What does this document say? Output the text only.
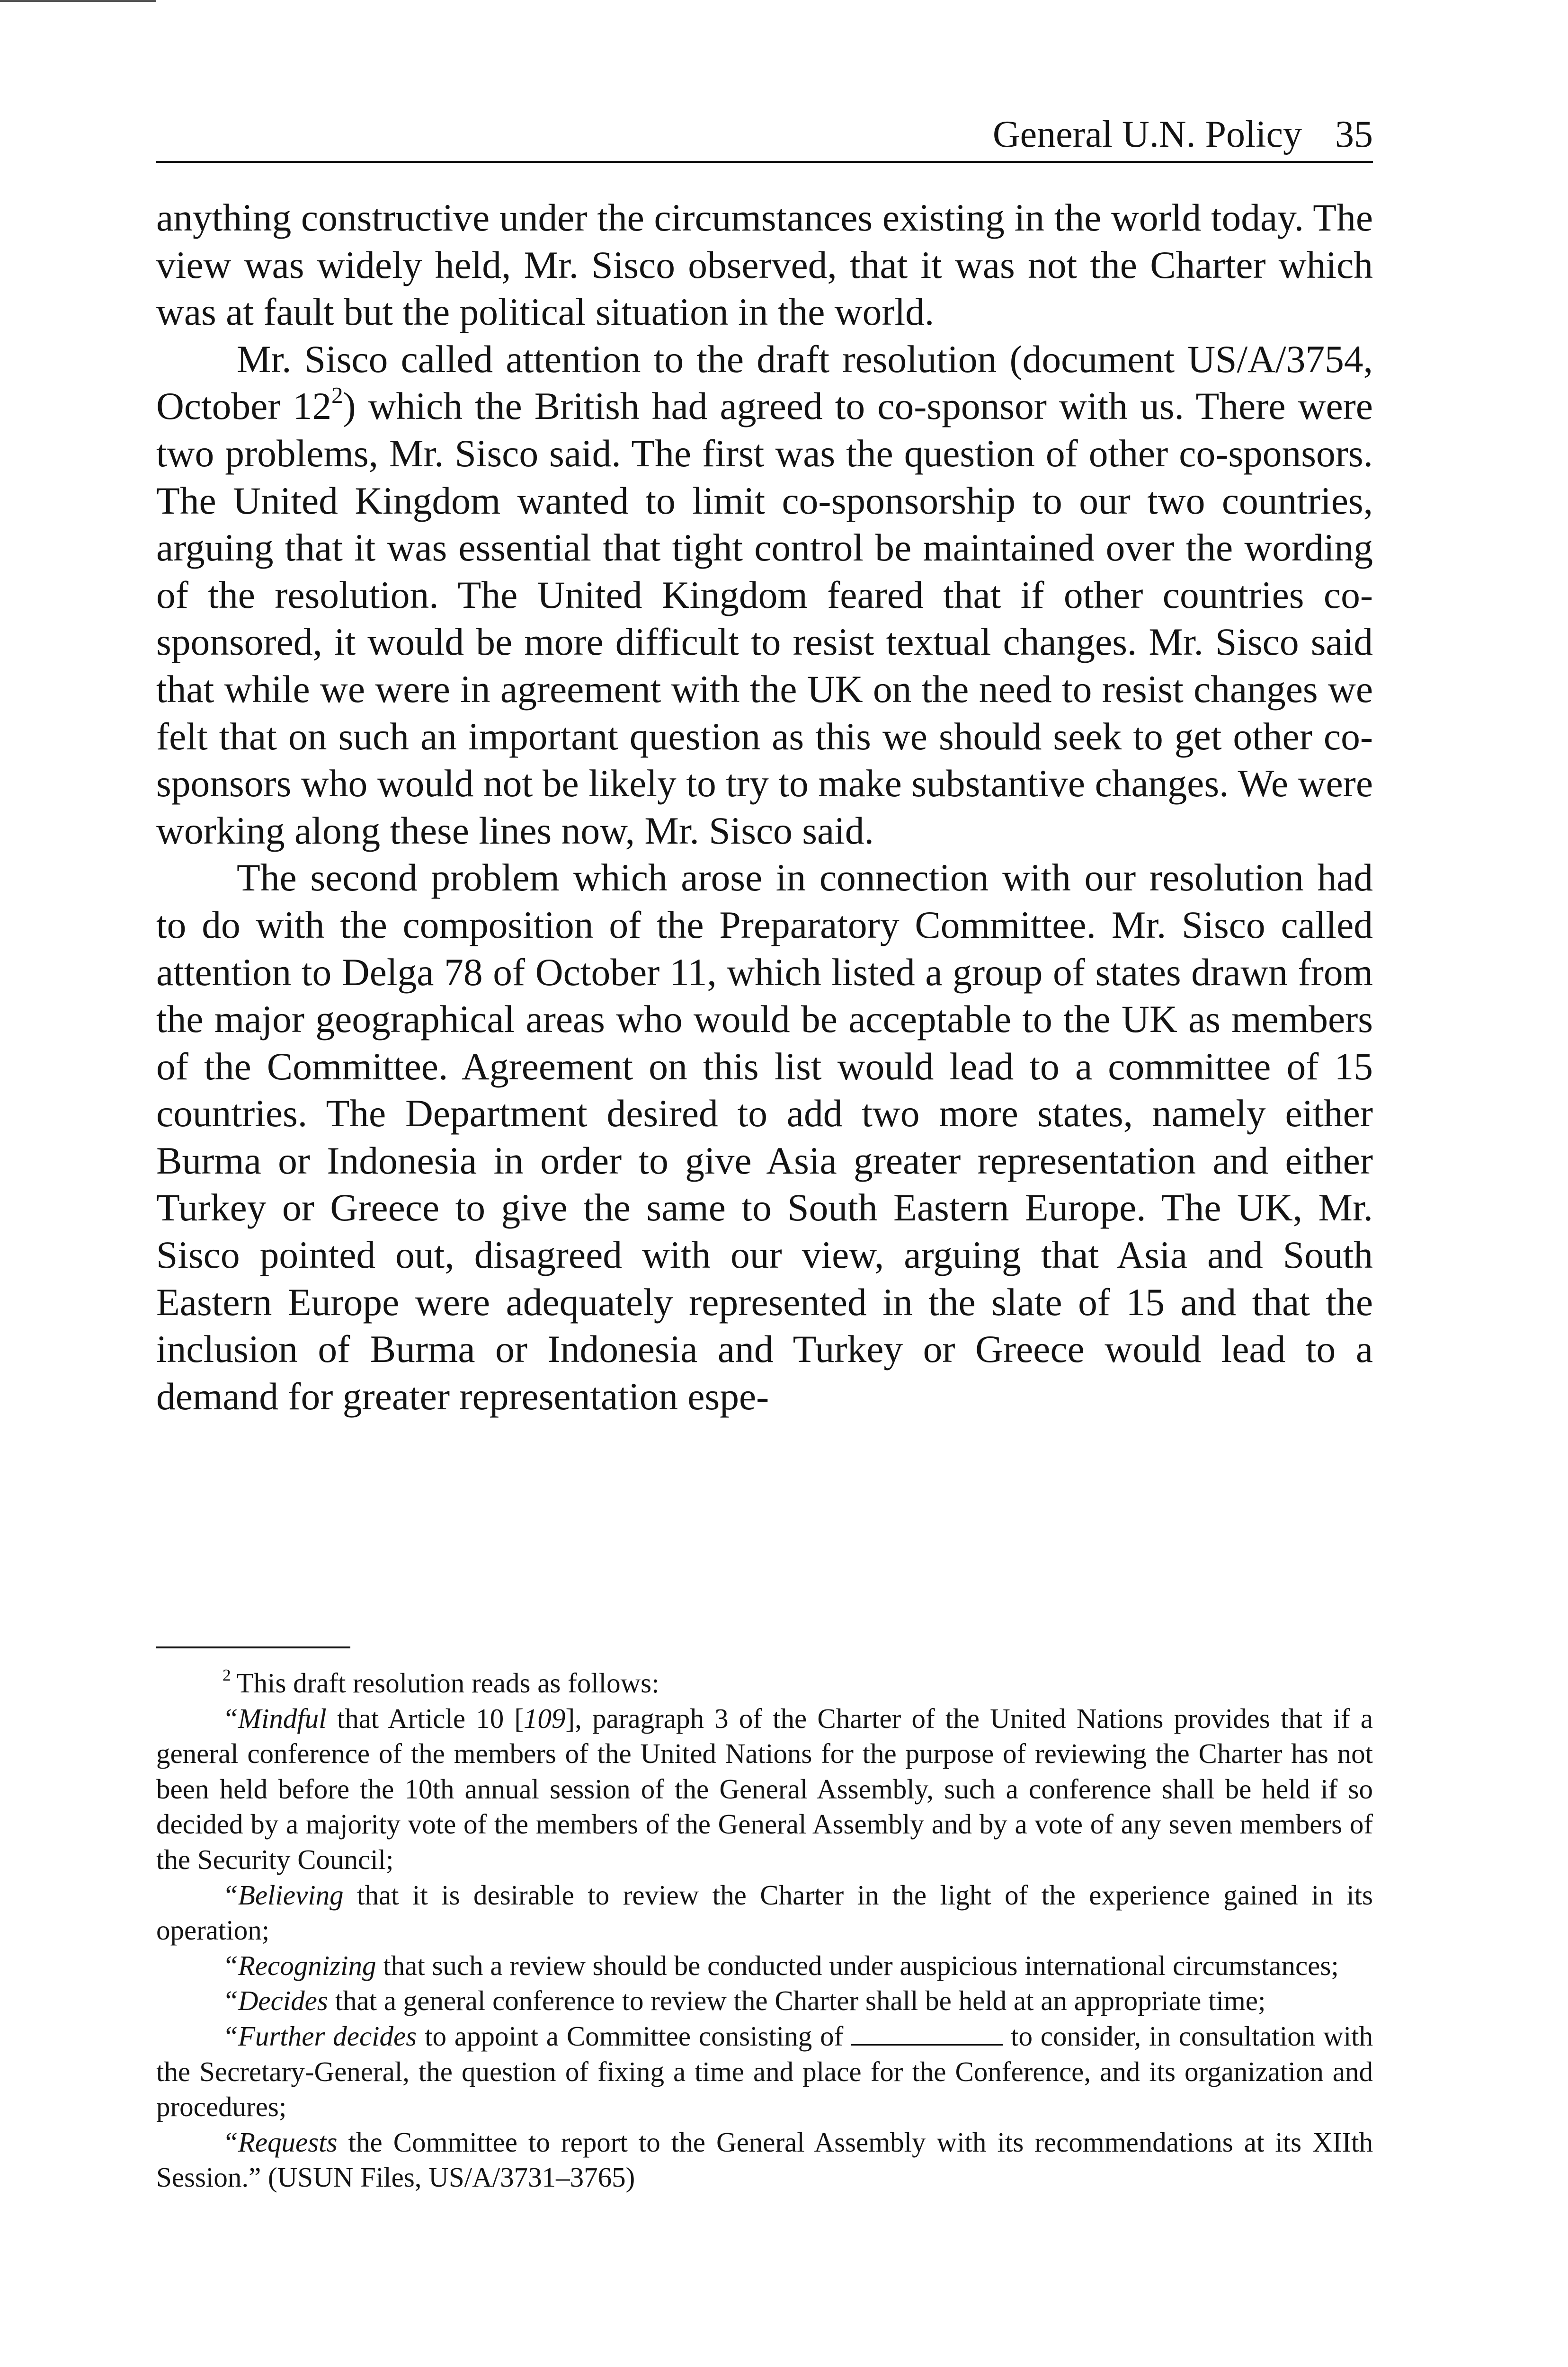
General U.N. Policy 35

anything constructive under the circumstances existing in the world today. The view was widely held, Mr. Sisco observed, that it was not the Charter which was at fault but the political situation in the world.

Mr. Sisco called attention to the draft resolution (document US/A/3754, October $12^2$) which the British had agreed to co-sponsor with us. There were two problems, Mr. Sisco said. The first was the question of other co-sponsors. The United Kingdom wanted to limit co-sponsorship to our two countries, arguing that it was essential that tight control be maintained over the wording of the resolution. The United Kingdom feared that if other countries co-sponsored, it would be more difficult to resist textual changes. Mr. Sisco said that while we were in agreement with the UK on the need to resist changes we felt that on such an important question as this we should seek to get other co-sponsors who would not be likely to try to make substantive changes. We were working along these lines now, Mr. Sisco said.

The second problem which arose in connection with our resolution had to do with the composition of the Preparatory Committee. Mr. Sisco called attention to Delga 78 of October 11, which listed a group of states drawn from the major geographical areas who would be acceptable to the UK as members of the Committee. Agreement on this list would lead to a committee of 15 countries. The Department desired to add two more states, namely either Burma or Indonesia in order to give Asia greater representation and either Turkey or Greece to give the same to South Eastern Europe. The UK, Mr. Sisco pointed out, disagreed with our view, arguing that Asia and South Eastern Europe were adequately represented in the slate of 15 and that the inclusion of Burma or Indonesia and Turkey or Greece would lead to a demand for greater representation espe-

$^2$  This draft resolution reads as follows:

“Mindful that Article 10 [109], paragraph 3 of the Charter of the United Nations provides that if a general conference of the members of the United Nations for the purpose of reviewing the Charter has not been held before the 10th annual session of the General Assembly, such a conference shall be held if so decided by a majority vote of the members of the General Assembly and by a vote of any seven members of the Security Council;

“Believing that it is desirable to review the Charter in the light of the experience gained in its operation;

“Recognizing that such a review should be conducted under auspicious international circumstances;

“Decides that a general conference to review the Charter shall be held at an appropriate time;

“Further decides to appoint a Committee consisting of	to consider, in consultation with the Secretary-General, the question of fixing a time and place for the Conference, and its organization and procedures;

“Requests the Committee to report to the General Assembly with its recommendations at its XIIth Session.” (USUN Files, US/A/3731–3765)
